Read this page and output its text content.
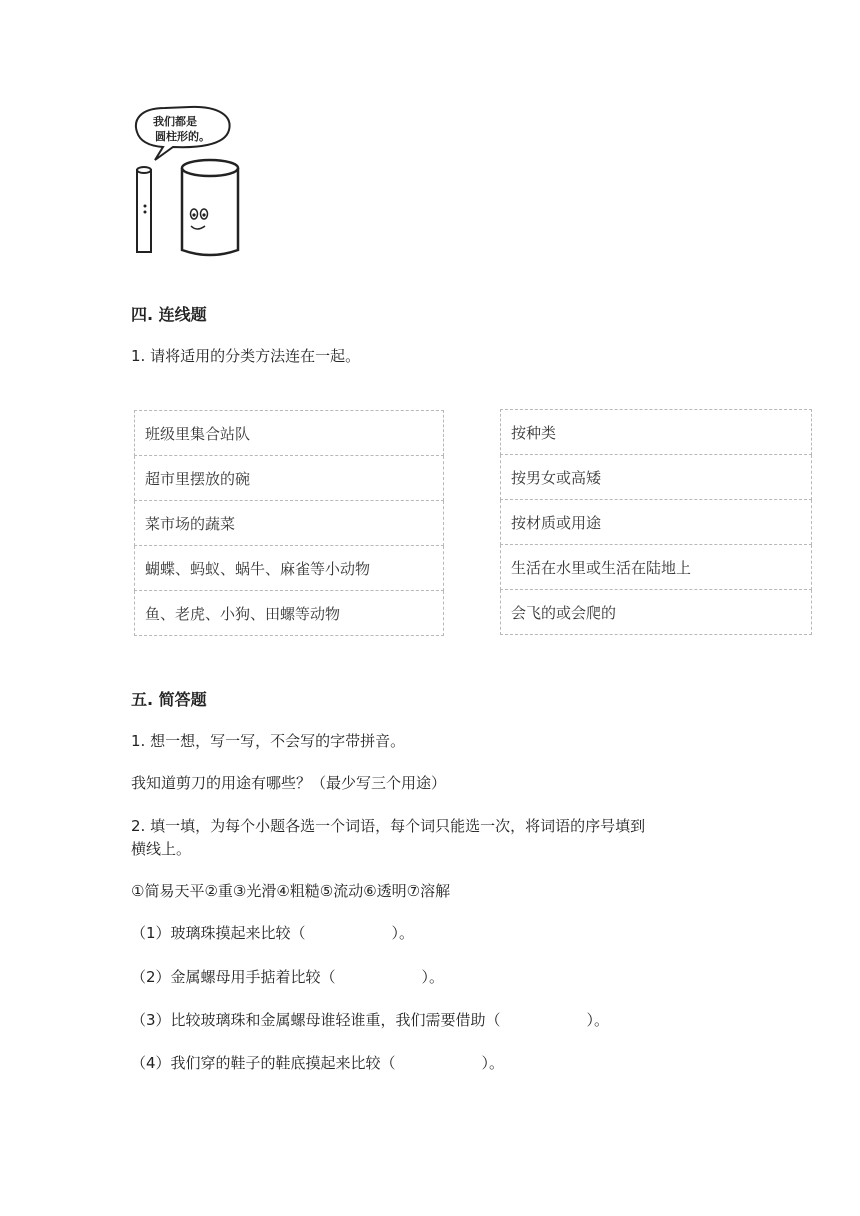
我们都是
圆柱形的。
四. 连线题
1. 请将适用的分类方法连在一起。
班级里集合站队
超市里摆放的碗
菜市场的蔬菜
蝴蝶、蚂蚁、蜗牛、麻雀等小动物
鱼、老虎、小狗、田螺等动物
按种类
按男女或高矮
按材质或用途
生活在水里或生活在陆地上
会飞的或会爬的
五. 简答题
1. 想一想，写一写，不会写的字带拼音。
我知道剪刀的用途有哪些？（最少写三个用途）
2. 填一填，为每个小题各选一个词语，每个词只能选一次，将词语的序号填到
横线上。
①简易天平②重③光滑④粗糙⑤流动⑥透明⑦溶解
（1）玻璃珠摸起来比较（	）。
（2）金属螺母用手掂着比较（	）。
（3）比较玻璃珠和金属螺母谁轻谁重，我们需要借助（	）。
（4）我们穿的鞋子的鞋底摸起来比较（	）。
